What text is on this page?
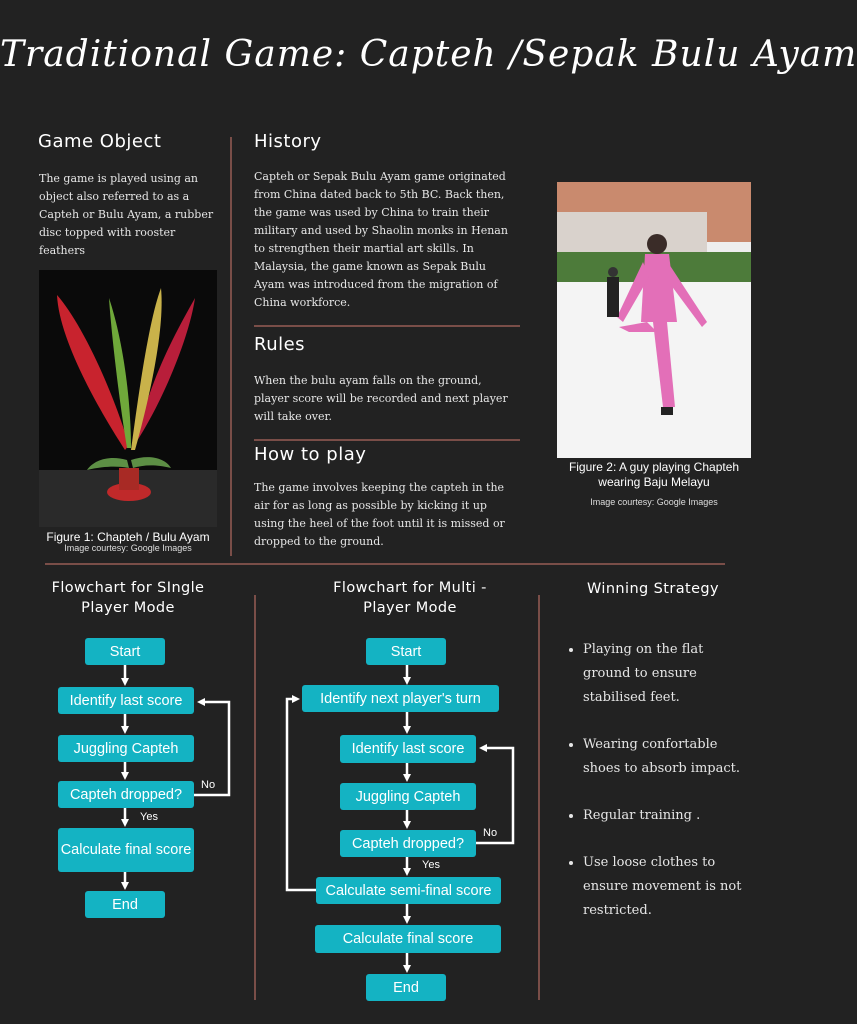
Traditional Game: Capteh /Sepak Bulu Ayam
Game Object
The game is played using an object also referred to as a Capteh or Bulu Ayam, a rubber disc topped with rooster feathers
Figure 1: Chapteh / Bulu Ayam
Image courtesy: Google Images
History
Capteh or Sepak Bulu Ayam game originated from China dated back to 5th BC. Back then, the game was used by China to train their military and used by Shaolin monks in Henan to strengthen their martial art skills. In Malaysia, the game known as Sepak Bulu Ayam was introduced from the migration of China workforce.
Rules
When the bulu ayam falls on the ground, player score will be recorded and next player will take over.
How to play
The game involves keeping the capteh in the air for as long as possible by kicking it up using the heel of the foot until it is missed or dropped to the ground.
Figure 2: A guy playing Chapteh wearing Baju Melayu
Image courtesy: Google Images
Flowchart for SIngle Player Mode
Flowchart for Multi - Player Mode
Winning Strategy
Start
Identify last score
Juggling Capteh
Capteh dropped?
Calculate final score
End
No
Yes
Start
Identify next player's turn
Identify last score
Juggling Capteh
Capteh dropped?
Calculate semi-final score
Calculate final score
End
No
Yes
• Playing on the flat ground to ensure stabilised feet.
• Wearing confortable shoes to absorb impact.
• Regular training .
• Use loose clothes to ensure movement is not restricted.
